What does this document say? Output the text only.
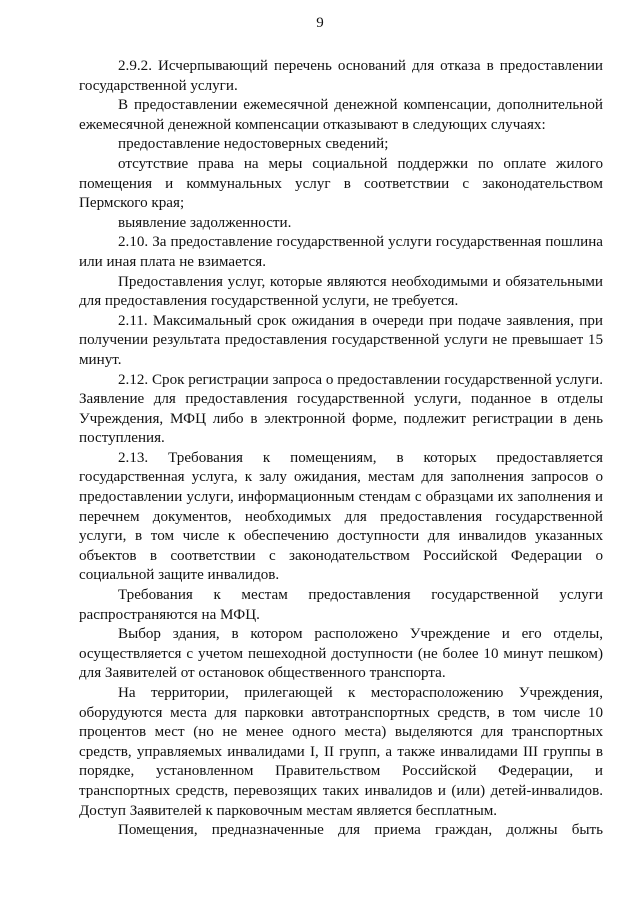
9

2.9.2. Исчерпывающий перечень оснований для отказа в предоставлении государственной услуги.

В предоставлении ежемесячной денежной компенсации, дополнительной ежемесячной денежной компенсации отказывают в следующих случаях:

предоставление недостоверных сведений;

отсутствие права на меры социальной поддержки по оплате жилого помещения и коммунальных услуг в соответствии с законодательством Пермского края;

выявление задолженности.

2.10. За предоставление государственной услуги государственная пошлина или иная плата не взимается.

Предоставления услуг, которые являются необходимыми и обязательными для предоставления государственной услуги, не требуется.

2.11. Максимальный срок ожидания в очереди при подаче заявления, при получении результата предоставления государственной услуги не превышает 15 минут.

2.12. Срок регистрации запроса о предоставлении государственной услуги. Заявление для предоставления государственной услуги, поданное в отделы Учреждения, МФЦ либо в электронной форме, подлежит регистрации в день поступления.

2.13. Требования к помещениям, в которых предоставляется государственная услуга, к залу ожидания, местам для заполнения запросов о предоставлении услуги, информационным стендам с образцами их заполнения и перечнем документов, необходимых для предоставления государственной услуги, в том числе к обеспечению доступности для инвалидов указанных объектов в соответствии с законодательством Российской Федерации о социальной защите инвалидов.

Требования к местам предоставления государственной услуги распространяются на МФЦ.

Выбор здания, в котором расположено Учреждение и его отделы, осуществляется с учетом пешеходной доступности (не более 10 минут пешком) для Заявителей от остановок общественного транспорта.

На территории, прилегающей к месторасположению Учреждения, оборудуются места для парковки автотранспортных средств, в том числе 10 процентов мест (но не менее одного места) выделяются для транспортных средств, управляемых инвалидами I, II групп, а также инвалидами III группы в порядке, установленном Правительством Российской Федерации, и транспортных средств, перевозящих таких инвалидов и (или) детей-инвалидов. Доступ Заявителей к парковочным местам является бесплатным.

Помещения, предназначенные для приема граждан, должны быть
